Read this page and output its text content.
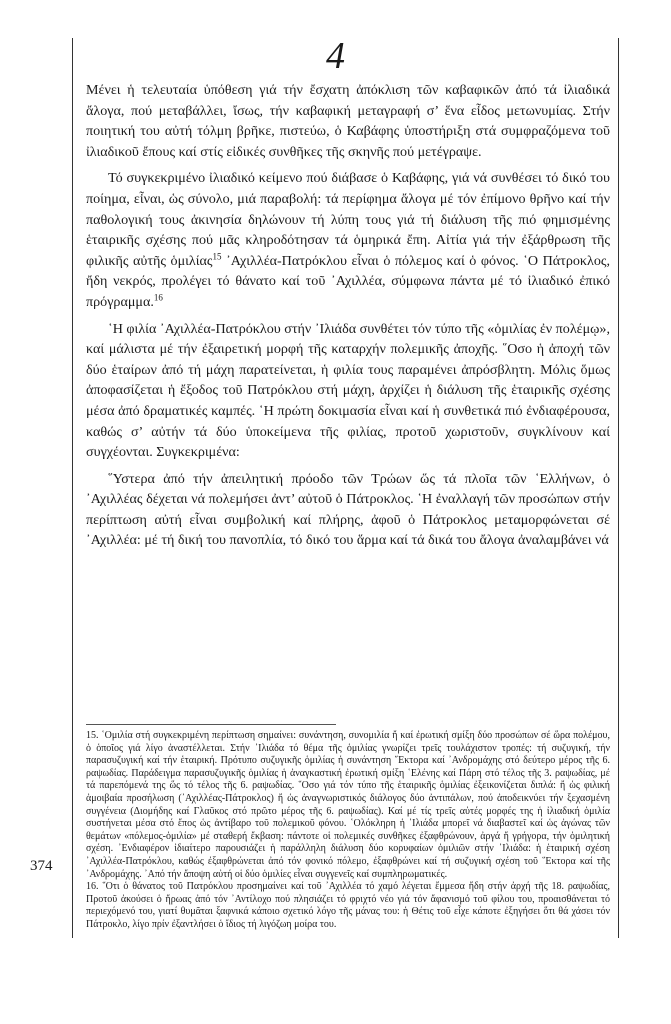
4

Μένει ἡ τελευταία ὑπόθεση γιά τήν ἔσχατη ἀπόκλιση τῶν καβαφικῶν ἀπό τά ἰλιαδικά ἄλογα, πού μεταβάλλει, ἴσως, τήν καβαφική μεταγραφή σ’ ἕνα εἶδος μετωνυμίας. Στήν ποιητική του αὐτή τόλμη βρῆκε, πιστεύω, ὁ Καβάφης ὑποστήριξη στά συμφραζόμενα τοῦ ἰλιαδικοῦ ἔπους καί στίς εἰδικές συνθῆκες τῆς σκηνῆς πού μετέγραψε.

Τό συγκεκριμένο ἰλιαδικό κείμενο πού διάβασε ὁ Καβάφης, γιά νά συνθέσει τό δικό του ποίημα, εἶναι, ὡς σύνολο, μιά παραβολή: τά περίφημα ἄλογα μέ τόν ἐπίμονο θρῆνο καί τήν παθολογική τους ἀκινησία δηλώνουν τή λύπη τους γιά τή διάλυση τῆς πιό φημισμένης ἑταιρικῆς σχέσης πού μᾶς κληροδότησαν τά ὁμηρικά ἔπη. Αἰτία γιά τήν ἐξάρθρωση τῆς φιλικῆς αὐτῆς ὁμιλίας$^{15}$ ᾿Αχιλλέα-Πατρόκλου εἶναι ὁ πόλεμος καί ὁ φόνος. ῾Ο Πάτροκλος, ἤδη νεκρός, προλέγει τό θάνατο καί τοῦ ᾿Αχιλλέα, σύμφωνα πάντα μέ τό ἰλιαδικό ἐπικό πρόγραμμα.$^{16}$

῾Η φιλία ᾿Αχιλλέα-Πατρόκλου στήν ᾿Ιλιάδα συνθέτει τόν τύπο τῆς «ὁμιλίας ἐν πολέμῳ», καί μάλιστα μέ τήν ἐξαιρετική μορφή τῆς καταρχήν πολεμικῆς ἀποχῆς. ῞Οσο ἡ ἀποχή τῶν δύο ἑταίρων ἀπό τή μάχη παρατείνεται, ἡ φιλία τους παραμένει ἀπρόσβλητη. Μόλις ὅμως ἀποφασίζεται ἡ ἔξοδος τοῦ Πατρόκλου στή μάχη, ἀρχίζει ἡ διάλυση τῆς ἑταιρικῆς σχέσης μέσα ἀπό δραματικές καμπές. ῾Η πρώτη δοκιμασία εἶναι καί ἡ συνθετικά πιό ἐνδιαφέρουσα, καθώς σ’ αὐτήν τά δύο ὑποκείμενα τῆς φιλίας, προτοῦ χωριστοῦν, συγκλίνουν καί συγχέονται. Συγκεκριμένα:

῞Υστερα ἀπό τήν ἀπειλητική πρόοδο τῶν Τρώων ὥς τά πλοῖα τῶν ῾Ελλήνων, ὁ ᾿Αχιλλέας δέχεται νά πολεμήσει ἀντ’ αὐτοῦ ὁ Πάτροκλος. ῾Η ἐναλλαγή τῶν προσώπων στήν περίπτωση αὐτή εἶναι συμβολική καί πλήρης, ἀφοῦ ὁ Πάτροκλος μεταμορφώνεται σέ ᾿Αχιλλέα: μέ τή δική του πανοπλία, τό δικό του ἅρμα καί τά δικά του ἄλογα ἀναλαμβάνει νά

15. ῾Ομιλία στή συγκεκριμένη περίπτωση σημαίνει: συνάντηση, συνομιλία ἤ καί ἐρωτική σμίξη δύο προσώπων σέ ὥρα πολέμου, ὁ ὁποῖος γιά λίγο ἀναστέλλεται. Στήν ᾿Ιλιάδα τό θέμα τῆς ὁμιλίας γνωρίζει τρεῖς τουλάχιστον τροπές: τή συζυγική, τήν παρασυζυγική καί τήν ἑταιρική. Πρότυπο συζυγικῆς ὁμιλίας ἡ συνάντηση ῞Εκτορα καί ᾿Ανδρομάχης στό δεύτερο μέρος τῆς 6. ραψωδίας. Παράδειγμα παρασυζυγικῆς ὁμιλίας ἡ ἀναγκαστική ἐρωτική σμίξη ῾Ελένης καί Πάρη στό τέλος τῆς 3. ραψωδίας, μέ τά παρεπόμενά της ὥς τό τέλος τῆς 6. ραψωδίας. ῞Οσο γιά τόν τύπο τῆς ἑταιρικῆς ὁμιλίας ἐξεικονίζεται διπλά: ἤ ὡς φιλική ἀμοιβαία προσήλωση (᾿Αχιλλέας-Πάτροκλος) ἤ ὡς ἀναγνωριστικός διάλογος δύο ἀντιπάλων, πού ἀποδεικνύει τήν ξεχασμένη συγγένεια (Διομήδης καί Γλαῦκος στό πρῶτο μέρος τῆς 6. ραψωδίας). Καί μέ τίς τρεῖς αὐτές μορφές της ἡ ἰλιαδική ὁμιλία συστήνεται μέσα στό ἔπος ὡς ἀντίβαρο τοῦ πολεμικοῦ φόνου. ῾Ολόκληρη ἡ ᾿Ιλιάδα μπορεῖ νά διαβαστεῖ καί ὡς ἀγώνας τῶν θεμάτων «πόλεμος-ὁμιλία» μέ σταθερή ἔκβαση: πάντοτε οἱ πολεμικές συνθῆκες ἐξαφθρώνουν, ἀργά ἤ γρήγορα, τήν ὁμιλητική σχέση. ᾿Ενδιαφέρον ἰδιαίτερο παρουσιάζει ἡ παράλληλη διάλυση δύο κορυφαίων ὁμιλιῶν στήν ᾿Ιλιάδα: ἡ ἑταιρική σχέση ᾿Αχιλλέα-Πατρόκλου, καθώς ἐξαφθρώνεται ἀπό τόν φονικό πόλεμο, ἐξαφθρώνει καί τή συζυγική σχέση τοῦ ῞Εκτορα καί τῆς ᾿Ανδρομάχης. ᾿Από τήν ἄποψη αὐτή οἱ δύο ὁμιλίες εἶναι συγγενεῖς καί συμπληρωματικές.

16. ῞Οτι ὁ θάνατος τοῦ Πατρόκλου προσημαίνει καί τοῦ ᾿Αχιλλέα τό χαμό λέγεται ἔμμεσα ἤδη στήν ἀρχή τῆς 18. ραψωδίας, Προτοῦ ἀκούσει ὁ ἥρωας ἀπό τόν ᾿Αντίλοχο πού πλησιάζει τό φριχτό νέο γιά τόν ἄφανισμό τοῦ φίλου του, προαισθάνεται τό περιεχόμενό του, γιατί θυμᾶται ξαφνικά κάποιο σχετικό λόγο τῆς μάνας του: ἡ Θέτις τοῦ εἶχε κάποτε ἐξηγήσει ὅτι θά χάσει τόν Πάτροκλο, λίγο πρίν ἐξαντλήσει ὁ ἴδιος τή λιγόζωη μοίρα του.

374
